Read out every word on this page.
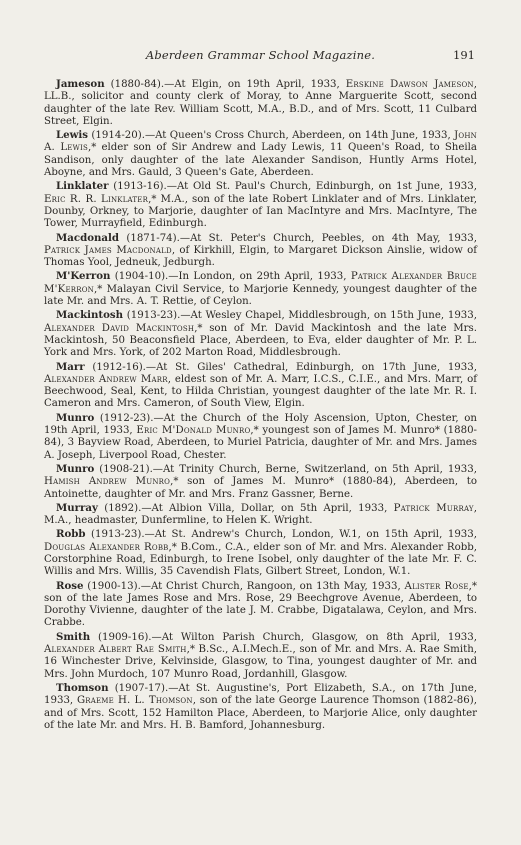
Aberdeen Grammar School Magazine.	191

Jameson (1880-84).—At Elgin, on 19th April, 1933, Erskine Dawson Jameson, LL.B., solicitor and county clerk of Moray, to Anne Marguerite Scott, second daughter of the late Rev. William Scott, M.A., B.D., and of Mrs. Scott, 11 Culbard Street, Elgin.

Lewis (1914-20).—At Queen's Cross Church, Aberdeen, on 14th June, 1933, John A. Lewis,* elder son of Sir Andrew and Lady Lewis, 11 Queen's Road, to Sheila Sandison, only daughter of the late Alexander Sandison, Huntly Arms Hotel, Aboyne, and Mrs. Gauld, 3 Queen's Gate, Aberdeen.

Linklater (1913-16).—At Old St. Paul's Church, Edinburgh, on 1st June, 1933, Eric R. R. Linklater,* M.A., son of the late Robert Linklater and of Mrs. Linklater, Dounby, Orkney, to Marjorie, daughter of Ian MacIntyre and Mrs. MacIntyre, The Tower, Murrayfield, Edinburgh.

Macdonald (1871-74).—At St. Peter's Church, Peebles, on 4th May, 1933, Patrick James Macdonald, of Kirkhill, Elgin, to Margaret Dickson Ainslie, widow of Thomas Yool, Jedneuk, Jedburgh.

M'Kerron (1904-10).—In London, on 29th April, 1933, Patrick Alexander Bruce M'Kerron,* Malayan Civil Service, to Marjorie Kennedy, youngest daughter of the late Mr. and Mrs. A. T. Rettie, of Ceylon.

Mackintosh (1913-23).—At Wesley Chapel, Middlesbrough, on 15th June, 1933, Alexander David Mackintosh,* son of Mr. David Mackintosh and the late Mrs. Mackintosh, 50 Beaconsfield Place, Aberdeen, to Eva, elder daughter of Mr. P. L. York and Mrs. York, of 202 Marton Road, Middlesbrough.

Marr (1912-16).—At St. Giles' Cathedral, Edinburgh, on 17th June, 1933, Alexander Andrew Marr, eldest son of Mr. A. Marr, I.C.S., C.I.E., and Mrs. Marr, of Beechwood, Seal, Kent, to Hilda Christian, youngest daughter of the late Mr. R. I. Cameron and Mrs. Cameron, of South View, Elgin.

Munro (1912-23).—At the Church of the Holy Ascension, Upton, Chester, on 19th April, 1933, Eric M'Donald Munro,* youngest son of James M. Munro* (1880-84), 3 Bayview Road, Aberdeen, to Muriel Patricia, daughter of Mr. and Mrs. James A. Joseph, Liverpool Road, Chester.

Munro (1908-21).—At Trinity Church, Berne, Switzerland, on 5th April, 1933, Hamish Andrew Munro,* son of James M. Munro* (1880-84), Aberdeen, to Antoinette, daughter of Mr. and Mrs. Franz Gassner, Berne.

Murray (1892).—At Albion Villa, Dollar, on 5th April, 1933, Patrick Murray, M.A., headmaster, Dunfermline, to Helen K. Wright.

Robb (1913-23).—At St. Andrew's Church, London, W.1, on 15th April, 1933, Douglas Alexander Robb,* B.Com., C.A., elder son of Mr. and Mrs. Alexander Robb, Corstorphine Road, Edinburgh, to Irene Isobel, only daughter of the late Mr. F. C. Willis and Mrs. Willis, 35 Cavendish Flats, Gilbert Street, London, W.1.

Rose (1900-13).—At Christ Church, Rangoon, on 13th May, 1933, Alister Rose,* son of the late James Rose and Mrs. Rose, 29 Beechgrove Avenue, Aberdeen, to Dorothy Vivienne, daughter of the late J. M. Crabbe, Digatalawa, Ceylon, and Mrs. Crabbe.

Smith (1909-16).—At Wilton Parish Church, Glasgow, on 8th April, 1933, Alexander Albert Rae Smith,* B.Sc., A.I.Mech.E., son of Mr. and Mrs. A. Rae Smith, 16 Winchester Drive, Kelvinside, Glasgow, to Tina, youngest daughter of Mr. and Mrs. John Murdoch, 107 Munro Road, Jordanhill, Glasgow.

Thomson (1907-17).—At St. Augustine's, Port Elizabeth, S.A., on 17th June, 1933, Graeme H. L. Thomson, son of the late George Laurence Thomson (1882-86), and of Mrs. Scott, 152 Hamilton Place, Aberdeen, to Marjorie Alice, only daughter of the late Mr. and Mrs. H. B. Bamford, Johannesburg.
